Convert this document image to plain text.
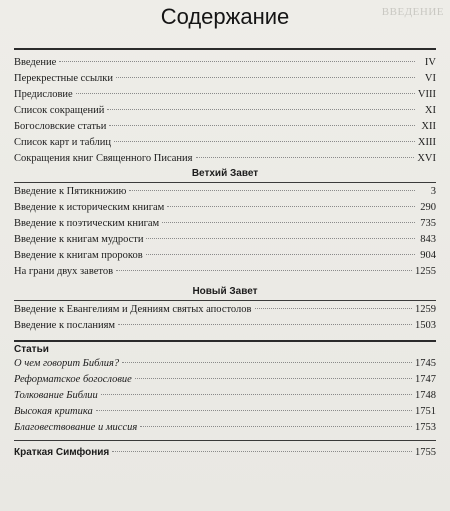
ВВЕДЕНИЕ
Содержание
Введение	IV
Перекрестные ссылки	VI
Предисловие	VIII
Список сокращений	XI
Богословские статьи	XII
Список карт и таблиц	XIII
Сокращения книг Священного Писания	XVI
Ветхий Завет
Введение к Пятикнижию	3
Введение к историческим книгам	290
Введение к поэтическим книгам	735
Введение к книгам мудрости	843
Введение к книгам пророков	904
На грани двух заветов	1255
Новый Завет
Введение к Евангелиям и Деяниям святых апостолов	1259
Введение к посланиям	1503
Статьи
О чем говорит Библия?	1745
Реформатское богословие	1747
Толкование Библии	1748
Высокая критика	1751
Благовествование и миссия	1753
Краткая Симфония	1755
